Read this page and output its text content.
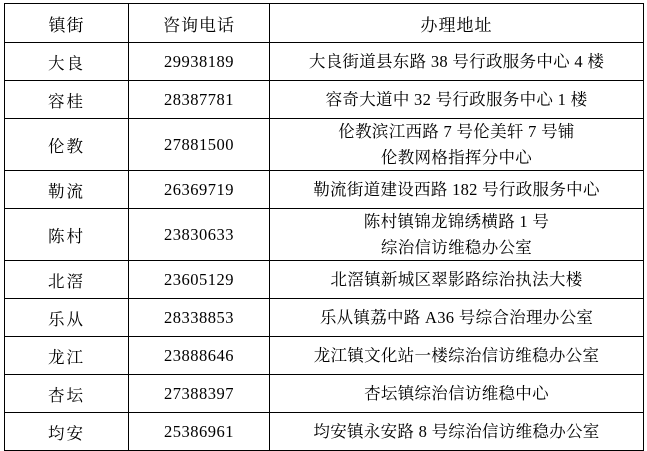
镇街	咨询电话	办理地址
大良	29938189	大良街道县东路 38 号行政服务中心 4 楼

容桂	28387781	容奇大道中 32 号行政服务中心 1 楼

伦教	27881500	伦教滨江西路 7 号伦美轩 7 号铺
伦教网格指挥分中心

勒流	26369719	勒流街道建设西路 182 号行政服务中心

陈村	23830633	陈村镇锦龙锦绣横路 1 号
综治信访维稳办公室

北滘	23605129	北滘镇新城区翠影路综治执法大楼

乐从	28338853	乐从镇荔中路 A36 号综合治理办公室

龙江	23888646	龙江镇文化站一楼综治信访维稳办公室

杏坛	27388397	杏坛镇综治信访维稳中心

均安	25386961	均安镇永安路 8 号综治信访维稳办公室
